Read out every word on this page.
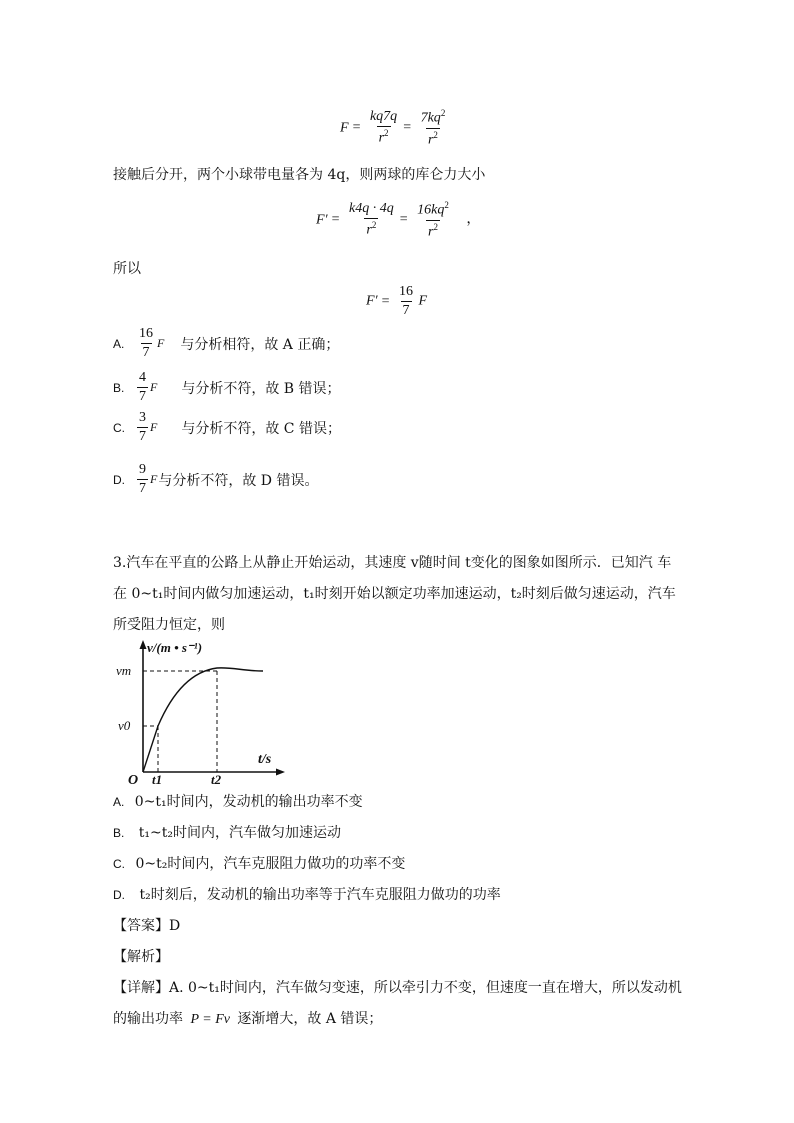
$F = \frac{kq7q}{r^2} = \frac{7kq^2}{r^2}$
接触后分开，两个小球带电量各为 4q，则两球的库仑力大小
$F' = \frac{k4q \cdot 4q}{r^2} = \frac{16kq^2}{r^2}$ ，
所以
$F' = \frac{16}{7}$ F
A. $\frac{16}{7}$ F 与分析相符，故 A 正确；
B. $\frac{4}{7}$ F 与分析不符，故 B 错误；
C. $\frac{3}{7}$ F 与分析不符，故 C 错误；
D. $\frac{9}{7}$ F 与分析不符，故 D 错误。
3.汽车在平直的公路上从静止开始运动，其速度 v随时间 t变化的图象如图所示．已知汽 车
在 0~t₁时间内做匀加速运动，t₁时刻开始以额定功率加速运动，t₂时刻后做匀速运动，汽车
所受阻力恒定，则
v/(m • s⁻¹)
vm
v0
O t1	t2
t/s
A. 0~t₁时间内，发动机的输出功率不变
B. t₁~t₂时间内，汽车做匀加速运动
C. 0~t₂时间内，汽车克服阻力做功的功率不变
D. t₂时刻后，发动机的输出功率等于汽车克服阻力做功的功率
【答案】D
【解析】
【详解】A. 0~t₁时间内，汽车做匀变速，所以牵引力不变，但速度一直在增大，所以发动机
的输出功率 P = Fv 逐渐增大，故 A 错误；
